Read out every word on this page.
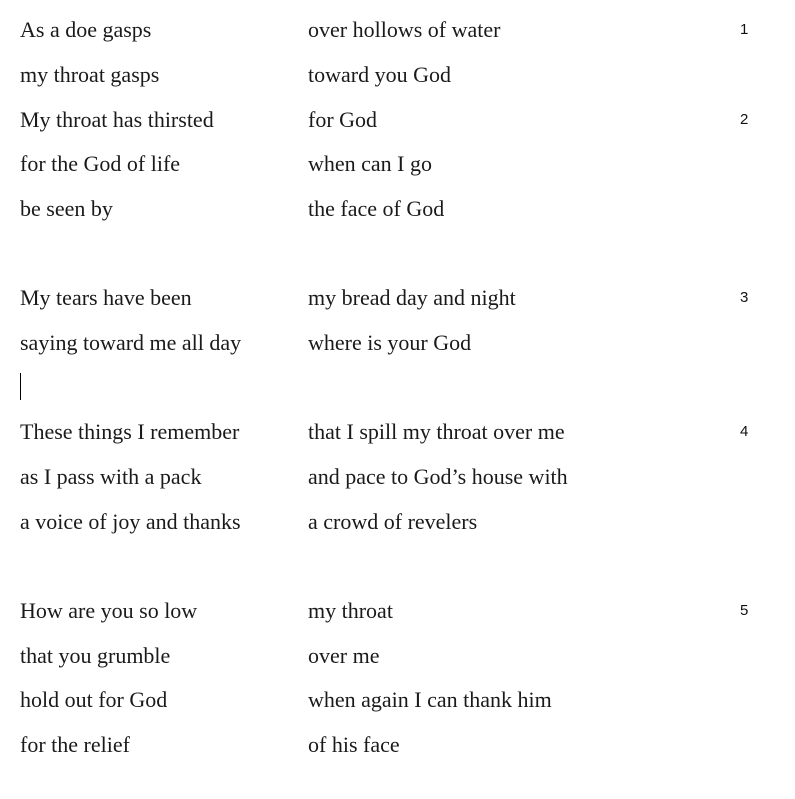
As a doe gasps	over hollows of water	1
my throat gasps	toward you God
My throat has thirsted	for God	2
for the God of life	when can I go
be seen by	the face of God
My tears have been	my bread day and night	3
saying toward me all day	where is your God
These things I remember	that I spill my throat over me	4
as I pass with a pack	and pace to God’s house with
a voice of joy and thanks	a crowd of revelers
How are you so low	my throat	5
that you grumble	over me
hold out for God	when again I can thank him
for the relief	of his face
